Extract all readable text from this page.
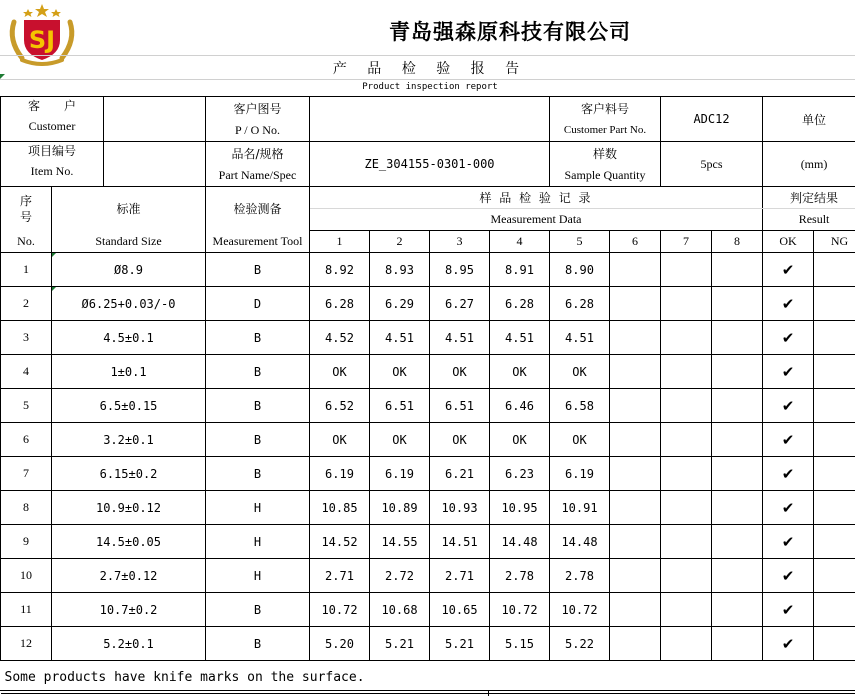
SJ	青岛强森原科技有限公司
产 品 检 验 报 告
Product inspection report
客　　户		客户图号					客户料号		ADC12		单位	

Customer		P / O No.					Customer Part No.					

项目编号		品名/规格	ZE_304155-0301-000				样数		5pcs		(mm)	

Item No.		Part Name/Spec					Sample Quantity					
序
号	标准	检验测备	样 品 检 验 记 录								判定结果	
			Measurement Data								Result	
No.	Standard Size	Measurement Tool	1	2	3	4	5	6	7	8	OK	NG
1	Ø8.9	B	8.92	8.93	8.95	8.91	8.90				✔	
2	Ø6.25+0.03/-0	D	6.28	6.29	6.27	6.28	6.28				✔	
3	4.5±0.1	B	4.52	4.51	4.51	4.51	4.51				✔	
4	1±0.1	B	OK	OK	OK	OK	OK				✔	
5	6.5±0.15	B	6.52	6.51	6.51	6.46	6.58				✔	
6	3.2±0.1	B	OK	OK	OK	OK	OK				✔	
7	6.15±0.2	B	6.19	6.19	6.21	6.23	6.19				✔	
8	10.9±0.12	H	10.85	10.89	10.93	10.95	10.91				✔	
9	14.5±0.05	H	14.52	14.55	14.51	14.48	14.48				✔	
10	2.7±0.12	H	2.71	2.72	2.71	2.78	2.78				✔	
11	10.7±0.2	B	10.72	10.68	10.65	10.72	10.72				✔	
12	5.2±0.1	B	5.20	5.21	5.21	5.15	5.22				✔	
Some products have knife marks on the surface.												
